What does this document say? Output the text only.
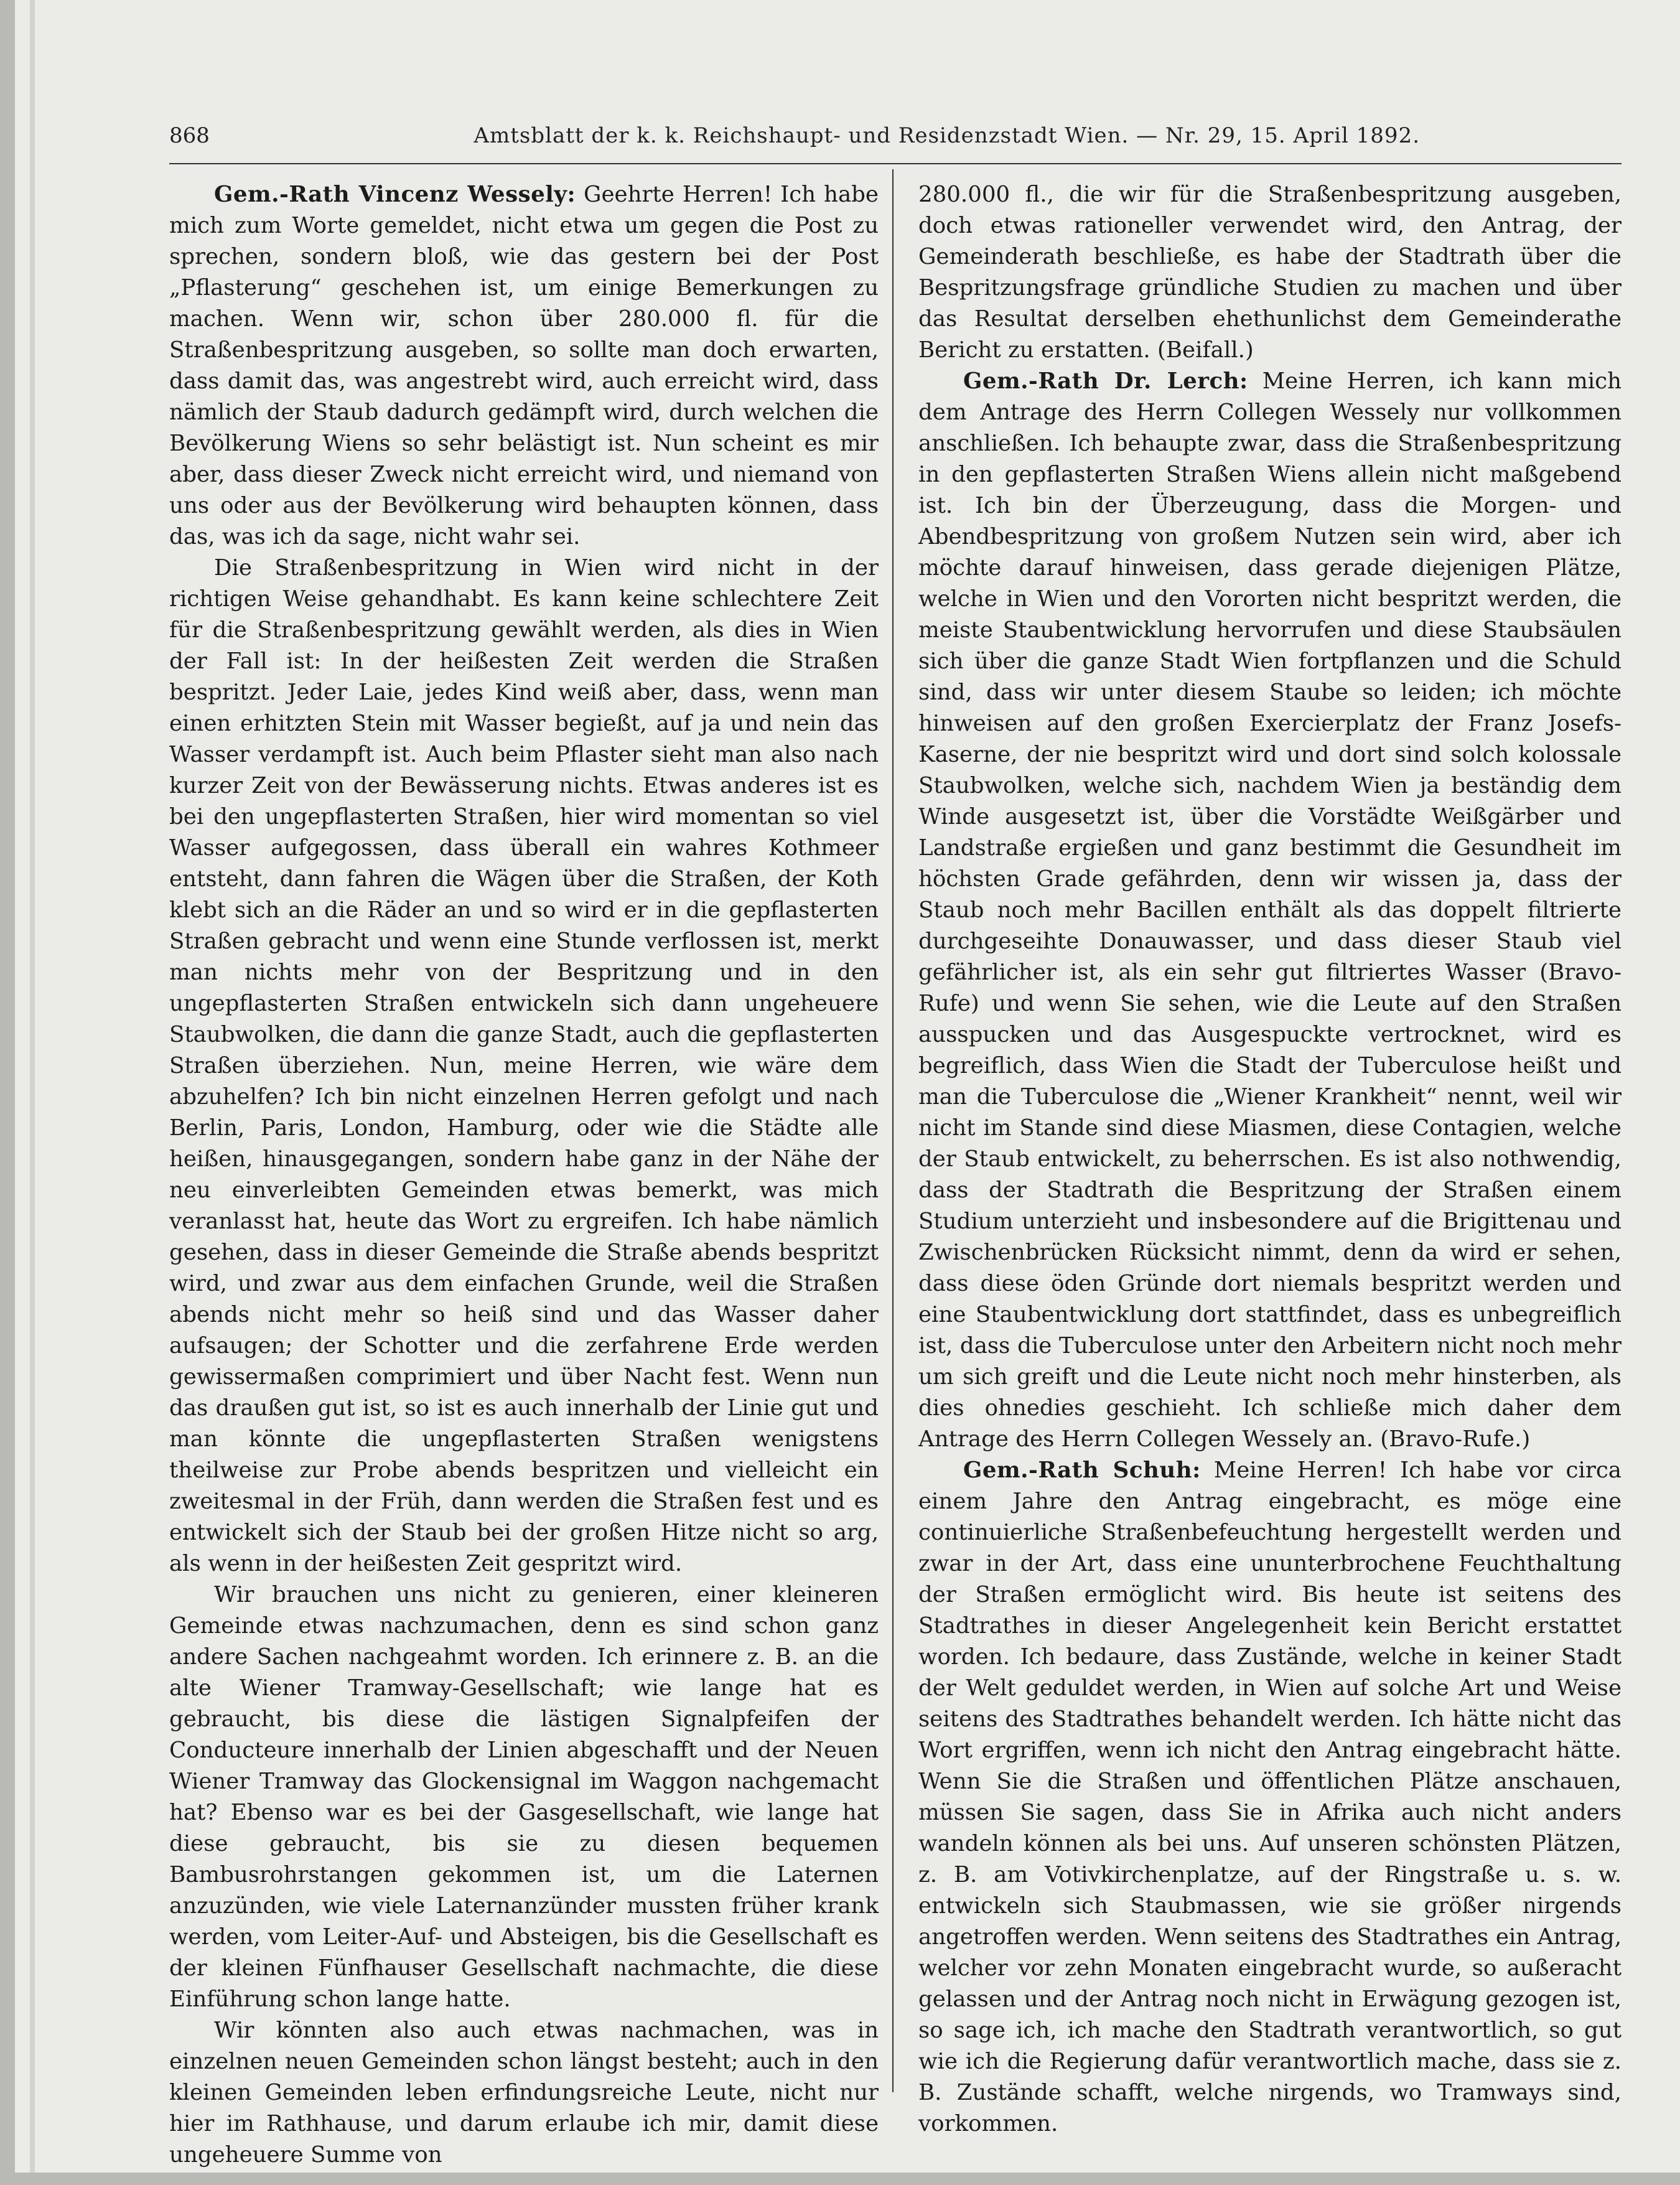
868	Amtsblatt der k. k. Reichshaupt- und Residenzstadt Wien. — Nr. 29, 15. April 1892.

Gem.-Rath Vincenz Wessely: Geehrte Herren! Ich habe mich zum Worte gemeldet, nicht etwa um gegen die Post zu sprechen, sondern bloß, wie das gestern bei der Post „Pflasterung“ geschehen ist, um einige Bemerkungen zu machen. Wenn wir, schon über 280.000 fl. für die Straßenbespritzung ausgeben, so sollte man doch erwarten, dass damit das, was angestrebt wird, auch erreicht wird, dass nämlich der Staub dadurch gedämpft wird, durch welchen die Bevölkerung Wiens so sehr belästigt ist. Nun scheint es mir aber, dass dieser Zweck nicht erreicht wird, und niemand von uns oder aus der Bevölkerung wird behaupten können, dass das, was ich da sage, nicht wahr sei.

Die Straßenbespritzung in Wien wird nicht in der richtigen Weise gehandhabt. Es kann keine schlechtere Zeit für die Straßenbespritzung gewählt werden, als dies in Wien der Fall ist: In der heißesten Zeit werden die Straßen bespritzt. Jeder Laie, jedes Kind weiß aber, dass, wenn man einen erhitzten Stein mit Wasser begießt, auf ja und nein das Wasser verdampft ist. Auch beim Pflaster sieht man also nach kurzer Zeit von der Bewässerung nichts. Etwas anderes ist es bei den ungepflasterten Straßen, hier wird momentan so viel Wasser aufgegossen, dass überall ein wahres Kothmeer entsteht, dann fahren die Wägen über die Straßen, der Koth klebt sich an die Räder an und so wird er in die gepflasterten Straßen gebracht und wenn eine Stunde verflossen ist, merkt man nichts mehr von der Bespritzung und in den ungepflasterten Straßen entwickeln sich dann ungeheuere Staubwolken, die dann die ganze Stadt, auch die gepflasterten Straßen überziehen. Nun, meine Herren, wie wäre dem abzuhelfen? Ich bin nicht einzelnen Herren gefolgt und nach Berlin, Paris, London, Hamburg, oder wie die Städte alle heißen, hinausgegangen, sondern habe ganz in der Nähe der neu einverleibten Gemeinden etwas bemerkt, was mich veranlasst hat, heute das Wort zu ergreifen. Ich habe nämlich gesehen, dass in dieser Gemeinde die Straße abends bespritzt wird, und zwar aus dem einfachen Grunde, weil die Straßen abends nicht mehr so heiß sind und das Wasser daher aufsaugen; der Schotter und die zerfahrene Erde werden gewissermaßen comprimiert und über Nacht fest. Wenn nun das draußen gut ist, so ist es auch innerhalb der Linie gut und man könnte die ungepflasterten Straßen wenigstens theilweise zur Probe abends bespritzen und vielleicht ein zweitesmal in der Früh, dann werden die Straßen fest und es entwickelt sich der Staub bei der großen Hitze nicht so arg, als wenn in der heißesten Zeit gespritzt wird.

Wir brauchen uns nicht zu genieren, einer kleineren Gemeinde etwas nachzumachen, denn es sind schon ganz andere Sachen nachgeahmt worden. Ich erinnere z. B. an die alte Wiener Tramway-Gesellschaft; wie lange hat es gebraucht, bis diese die lästigen Signalpfeifen der Conducteure innerhalb der Linien abgeschafft und der Neuen Wiener Tramway das Glockensignal im Waggon nachgemacht hat? Ebenso war es bei der Gasgesellschaft, wie lange hat diese gebraucht, bis sie zu diesen bequemen Bambusrohrstangen gekommen ist, um die Laternen anzuzünden, wie viele Laternanzünder mussten früher krank werden, vom Leiter-Auf- und Absteigen, bis die Gesellschaft es der kleinen Fünfhauser Gesellschaft nachmachte, die diese Einführung schon lange hatte.

Wir könnten also auch etwas nachmachen, was in einzelnen neuen Gemeinden schon längst besteht; auch in den kleinen Gemeinden leben erfindungsreiche Leute, nicht nur hier im Rathhause, und darum erlaube ich mir, damit diese ungeheuere Summe von

280.000 fl., die wir für die Straßenbespritzung ausgeben, doch etwas rationeller verwendet wird, den Antrag, der Gemeinderath beschließe, es habe der Stadtrath über die Bespritzungsfrage gründliche Studien zu machen und über das Resultat derselben ehethunlichst dem Gemeinderathe Bericht zu erstatten. (Beifall.)

Gem.-Rath Dr. Lerch: Meine Herren, ich kann mich dem Antrage des Herrn Collegen Wessely nur vollkommen anschließen. Ich behaupte zwar, dass die Straßenbespritzung in den gepflasterten Straßen Wiens allein nicht maßgebend ist. Ich bin der Überzeugung, dass die Morgen- und Abendbespritzung von großem Nutzen sein wird, aber ich möchte darauf hinweisen, dass gerade diejenigen Plätze, welche in Wien und den Vororten nicht bespritzt werden, die meiste Staubentwicklung hervorrufen und diese Staubsäulen sich über die ganze Stadt Wien fortpflanzen und die Schuld sind, dass wir unter diesem Staube so leiden; ich möchte hinweisen auf den großen Exercierplatz der Franz Josefs-Kaserne, der nie bespritzt wird und dort sind solch kolossale Staubwolken, welche sich, nachdem Wien ja beständig dem Winde ausgesetzt ist, über die Vorstädte Weißgärber und Landstraße ergießen und ganz bestimmt die Gesundheit im höchsten Grade gefährden, denn wir wissen ja, dass der Staub noch mehr Bacillen enthält als das doppelt filtrierte durchgeseihte Donauwasser, und dass dieser Staub viel gefährlicher ist, als ein sehr gut filtriertes Wasser (Bravo-Rufe) und wenn Sie sehen, wie die Leute auf den Straßen ausspucken und das Ausgespuckte vertrocknet, wird es begreiflich, dass Wien die Stadt der Tuberculose heißt und man die Tuberculose die „Wiener Krankheit“ nennt, weil wir nicht im Stande sind diese Miasmen, diese Contagien, welche der Staub entwickelt, zu beherrschen. Es ist also nothwendig, dass der Stadtrath die Bespritzung der Straßen einem Studium unterzieht und insbesondere auf die Brigittenau und Zwischenbrücken Rücksicht nimmt, denn da wird er sehen, dass diese öden Gründe dort niemals bespritzt werden und eine Staubentwicklung dort stattfindet, dass es unbegreiflich ist, dass die Tuberculose unter den Arbeitern nicht noch mehr um sich greift und die Leute nicht noch mehr hinsterben, als dies ohnedies geschieht. Ich schließe mich daher dem Antrage des Herrn Collegen Wessely an. (Bravo-Rufe.)

Gem.-Rath Schuh: Meine Herren! Ich habe vor circa einem Jahre den Antrag eingebracht, es möge eine continuierliche Straßenbefeuchtung hergestellt werden und zwar in der Art, dass eine ununterbrochene Feuchthaltung der Straßen ermöglicht wird. Bis heute ist seitens des Stadtrathes in dieser Angelegenheit kein Bericht erstattet worden. Ich bedaure, dass Zustände, welche in keiner Stadt der Welt geduldet werden, in Wien auf solche Art und Weise seitens des Stadtrathes behandelt werden. Ich hätte nicht das Wort ergriffen, wenn ich nicht den Antrag eingebracht hätte. Wenn Sie die Straßen und öffentlichen Plätze anschauen, müssen Sie sagen, dass Sie in Afrika auch nicht anders wandeln können als bei uns. Auf unseren schönsten Plätzen, z. B. am Votivkirchenplatze, auf der Ringstraße u. s. w. entwickeln sich Staubmassen, wie sie größer nirgends angetroffen werden. Wenn seitens des Stadtrathes ein Antrag, welcher vor zehn Monaten eingebracht wurde, so außeracht gelassen und der Antrag noch nicht in Erwägung gezogen ist, so sage ich, ich mache den Stadtrath verantwortlich, so gut wie ich die Regierung dafür verantwortlich mache, dass sie z. B. Zustände schafft, welche nirgends, wo Tramways sind, vorkommen.
